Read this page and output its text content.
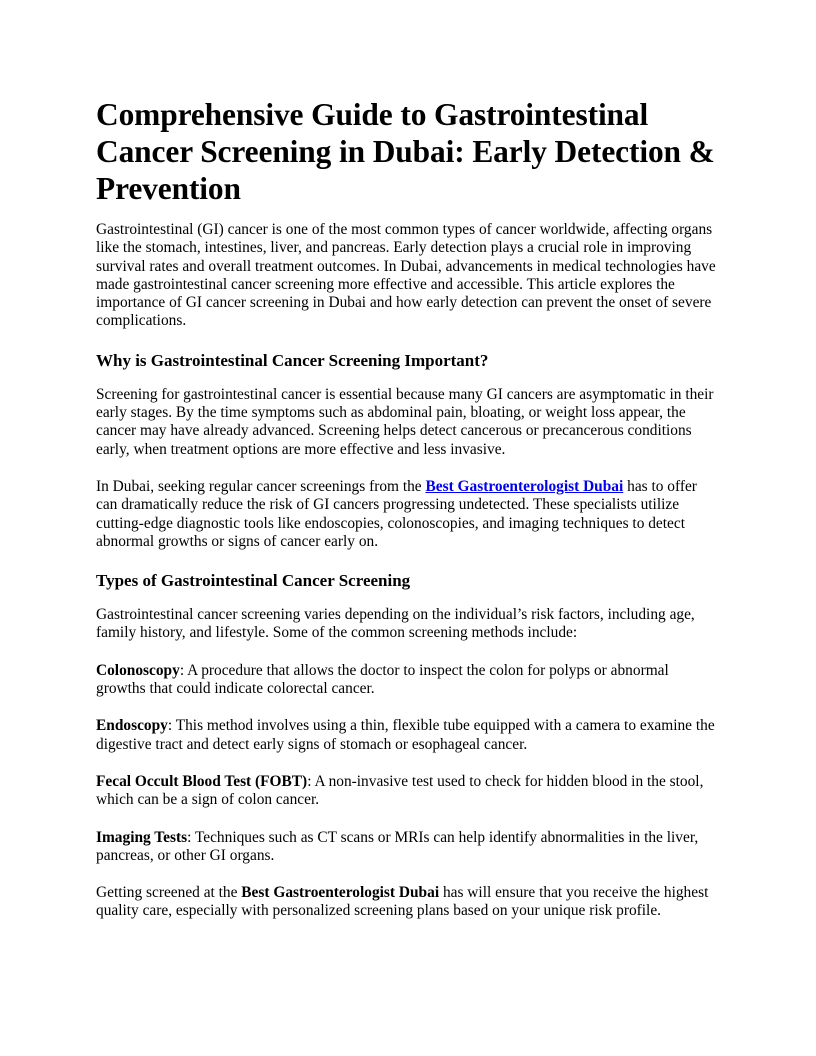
Comprehensive Guide to Gastrointestinal Cancer Screening in Dubai: Early Detection & Prevention

Gastrointestinal (GI) cancer is one of the most common types of cancer worldwide, affecting organs like the stomach, intestines, liver, and pancreas. Early detection plays a crucial role in improving survival rates and overall treatment outcomes. In Dubai, advancements in medical technologies have made gastrointestinal cancer screening more effective and accessible. This article explores the importance of GI cancer screening in Dubai and how early detection can prevent the onset of severe complications.

Why is Gastrointestinal Cancer Screening Important?

Screening for gastrointestinal cancer is essential because many GI cancers are asymptomatic in their early stages. By the time symptoms such as abdominal pain, bloating, or weight loss appear, the cancer may have already advanced. Screening helps detect cancerous or precancerous conditions early, when treatment options are more effective and less invasive.

In Dubai, seeking regular cancer screenings from the Best Gastroenterologist Dubai has to offer can dramatically reduce the risk of GI cancers progressing undetected. These specialists utilize cutting-edge diagnostic tools like endoscopies, colonoscopies, and imaging techniques to detect abnormal growths or signs of cancer early on.

Types of Gastrointestinal Cancer Screening

Gastrointestinal cancer screening varies depending on the individual’s risk factors, including age, family history, and lifestyle. Some of the common screening methods include:

Colonoscopy: A procedure that allows the doctor to inspect the colon for polyps or abnormal growths that could indicate colorectal cancer.

Endoscopy: This method involves using a thin, flexible tube equipped with a camera to examine the digestive tract and detect early signs of stomach or esophageal cancer.

Fecal Occult Blood Test (FOBT): A non-invasive test used to check for hidden blood in the stool, which can be a sign of colon cancer.

Imaging Tests: Techniques such as CT scans or MRIs can help identify abnormalities in the liver, pancreas, or other GI organs.

Getting screened at the Best Gastroenterologist Dubai has will ensure that you receive the highest quality care, especially with personalized screening plans based on your unique risk profile.
